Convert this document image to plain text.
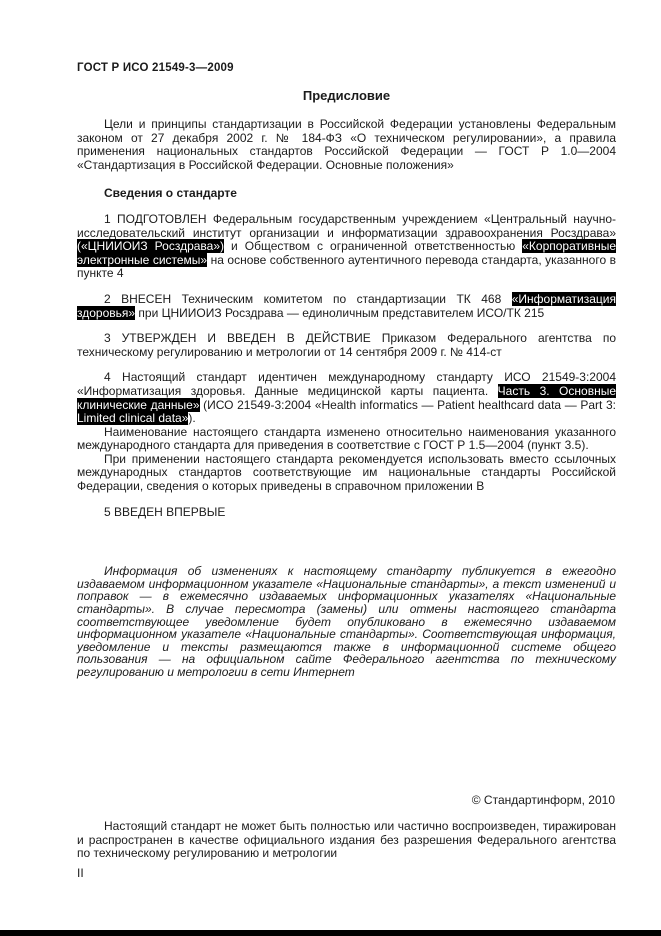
ГОСТ Р ИСО 21549-3—2009
Предисловие

Цели и принципы стандартизации в Российской Федерации установлены Федеральным законом от 27 декабря 2002 г. № 184-ФЗ «О техническом регулировании», а правила применения национальных стандартов Российской Федерации — ГОСТ Р 1.0—2004 «Стандартизация в Российской Федерации. Основные положения»

Сведения о стандарте

1 ПОДГОТОВЛЕН Федеральным государственным учреждением «Центральный научно-исследовательский институт организации и информатизации здравоохранения Росздрава» («ЦНИИОИЗ Росздрава») и Обществом с ограниченной ответственностью «Корпоративные электронные системы» на основе собственного аутентичного перевода стандарта, указанного в пункте 4

2 ВНЕСЕН Техническим комитетом по стандартизации ТК 468 «Информатизация здоровья» при ЦНИИОИЗ Росздрава — единоличным представителем ИСО/ТК 215

3 УТВЕРЖДЕН И ВВЕДЕН В ДЕЙСТВИЕ Приказом Федерального агентства по техническому регулированию и метрологии от 14 сентября 2009 г. № 414-ст

4 Настоящий стандарт идентичен международному стандарту ИСО 21549-3:2004 «Информатизация здоровья. Данные медицинской карты пациента. Часть 3. Основные клинические данные» (ИСО 21549-3:2004 «Health informatics — Patient healthcard data — Part 3: Limited clinical data»).

Наименование настоящего стандарта изменено относительно наименования указанного международного стандарта для приведения в соответствие с ГОСТ Р 1.5—2004 (пункт 3.5).

При применении настоящего стандарта рекомендуется использовать вместо ссылочных международных стандартов соответствующие им национальные стандарты Российской Федерации, сведения о которых приведены в справочном приложении В

5 ВВЕДЕН ВПЕРВЫЕ

Информация об изменениях к настоящему стандарту публикуется в ежегодно издаваемом информационном указателе «Национальные стандарты», а текст изменений и поправок — в ежемесячно издаваемых информационных указателях «Национальные стандарты». В случае пересмотра (замены) или отмены настоящего стандарта соответствующее уведомление будет опубликовано в ежемесячно издаваемом информационном указателе «Национальные стандарты». Соответствующая информация, уведомление и тексты размещаются также в информационной системе общего пользования — на официальном сайте Федерального агентства по техническому регулированию и метрологии в сети Интернет

© Стандартинформ, 2010

Настоящий стандарт не может быть полностью или частично воспроизведен, тиражирован и распространен в качестве официального издания без разрешения Федерального агентства по техническому регулированию и метрологии

II
